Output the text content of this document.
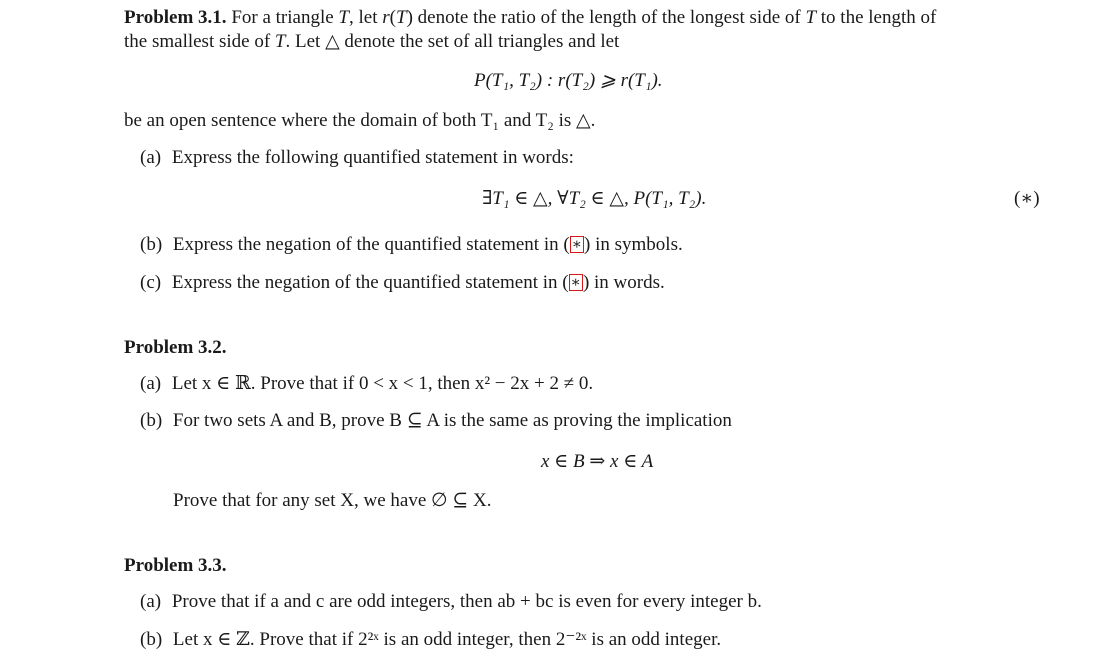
Problem 3.1. For a triangle T, let r(T) denote the ratio of the length of the longest side of T to the length of
the smallest side of T. Let △ denote the set of all triangles and let
P(T₁, T₂) : r(T₂) ⩾ r(T₁).
be an open sentence where the domain of both T₁ and T₂ is △.
(a) Express the following quantified statement in words:
∃T₁ ∈ △, ∀T₂ ∈ △, P(T₁, T₂).	(∗)
(b) Express the negation of the quantified statement in ( ∗ ) in symbols.
(c) Express the negation of the quantified statement in ( ∗ ) in words.
Problem 3.2.
(a) Let x ∈ ℝ. Prove that if 0 < x < 1, then x² − 2x + 2 ≠ 0.
(b) For two sets A and B, prove B ⊆ A is the same as proving the implication
x ∈ B ⇒ x ∈ A
Prove that for any set X, we have ∅ ⊆ X.
Problem 3.3.
(a) Prove that if a and c are odd integers, then ab + bc is even for every integer b.
(b) Let x ∈ ℤ. Prove that if 2²ˣ is an odd integer, then 2⁻²ˣ is an odd integer.
